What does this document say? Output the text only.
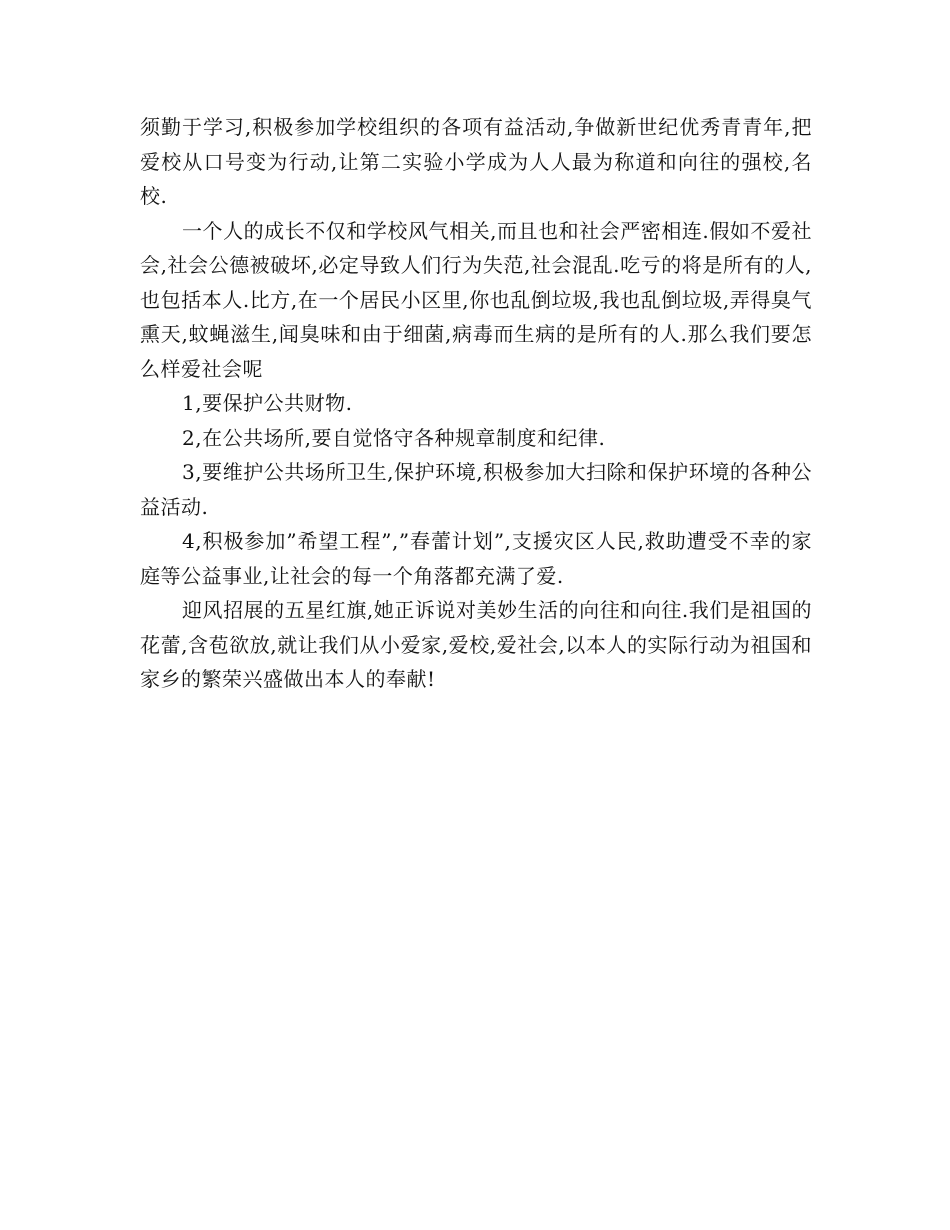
须勤于学习,积极参加学校组织的各项有益活动,争做新世纪优秀青青年,把爱校从口号变为行动,让第二实验小学成为人人最为称道和向往的强校,名校.

一个人的成长不仅和学校风气相关,而且也和社会严密相连.假如不爱社会,社会公德被破坏,必定导致人们行为失范,社会混乱.吃亏的将是所有的人,也包括本人.比方,在一个居民小区里,你也乱倒垃圾,我也乱倒垃圾,弄得臭气熏天,蚊蝇滋生,闻臭味和由于细菌,病毒而生病的是所有的人.那么我们要怎么样爱社会呢

1,要保护公共财物.

2,在公共场所,要自觉恪守各种规章制度和纪律.

3,要维护公共场所卫生,保护环境,积极参加大扫除和保护环境的各种公益活动.

4,积极参加”希望工程”,”春蕾计划”,支援灾区人民,救助遭受不幸的家庭等公益事业,让社会的每一个角落都充满了爱.

迎风招展的五星红旗,她正诉说对美妙生活的向往和向往.我们是祖国的花蕾,含苞欲放,就让我们从小爱家,爱校,爱社会,以本人的实际行动为祖国和家乡的繁荣兴盛做出本人的奉献!
